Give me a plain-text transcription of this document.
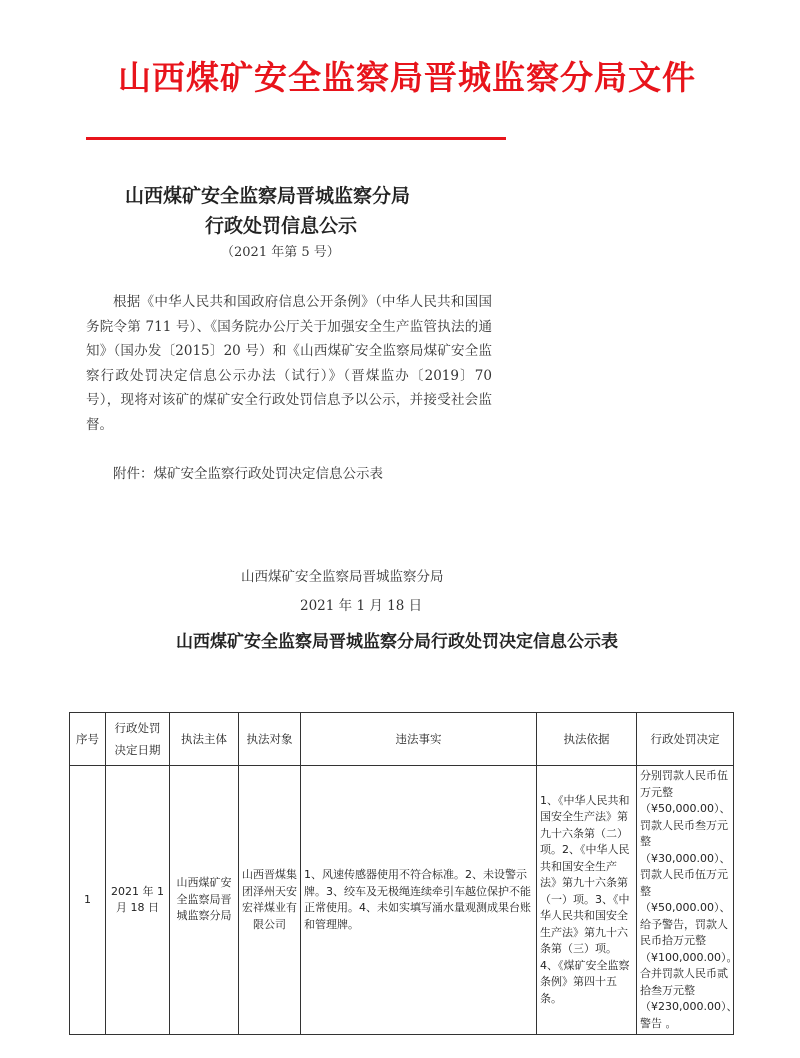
山西煤矿安全监察局晋城监察分局文件
山西煤矿安全监察局晋城监察分局
行政处罚信息公示
（2021 年第 5 号）
根据《中华人民共和国政府信息公开条例》（中华人民共和国国务院令第 711 号）、《国务院办公厅关于加强安全生产监管执法的通知》（国办发〔2015〕20 号）和《山西煤矿安全监察局煤矿安全监察行政处罚决定信息公示办法（试行）》（晋煤监办〔2019〕70 号），现将对该矿的煤矿安全行政处罚信息予以公示，并接受社会监督。
附件：煤矿安全监察行政处罚决定信息公示表
山西煤矿安全监察局晋城监察分局
2021 年 1 月 18 日
山西煤矿安全监察局晋城监察分局行政处罚决定信息公示表
序号	行政处罚决定日期	执法主体	执法对象	违法事实	执法依据	行政处罚决定
1	2021 年 1 月 18 日	山西煤矿安全监察局晋城监察分局	山西晋煤集团泽州天安宏祥煤业有限公司	1、风速传感器使用不符合标准。2、未设警示牌。3、绞车及无极绳连续牵引车越位保护不能正常使用。4、未如实填写涌水量观测成果台账和管理牌。	1、《中华人民共和国安全生产法》第九十六条第（二）项。2、《中华人民共和国安全生产法》第九十六条第（一）项。3、《中华人民共和国安全生产法》第九十六条第（三）项。4、《煤矿安全监察条例》第四十五条。	分别罚款人民币伍万元整（¥50,000.00）、罚款人民币叁万元整（¥30,000.00）、罚款人民币伍万元整（¥50,000.00）、给予警告，罚款人民币拾万元整（¥100,000.00）。合并罚款人民币贰拾叁万元整（¥230,000.00）、警告 。
